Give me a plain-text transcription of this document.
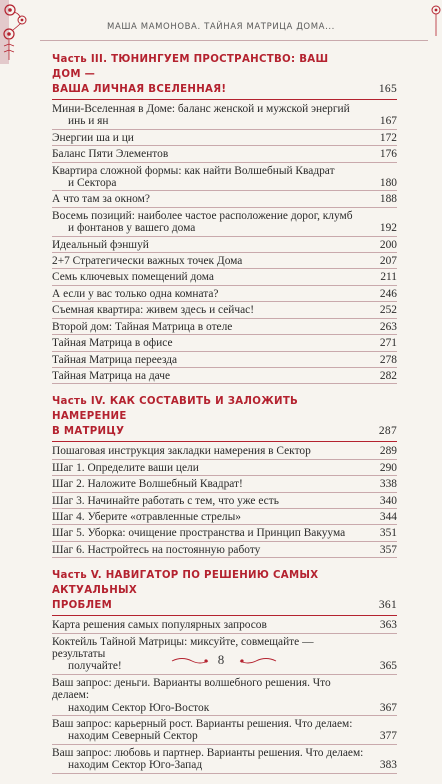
МАША МАМОНОВА. ТАЙНАЯ МАТРИЦА ДОМА...
Часть III. ТЮНИНГУЕМ ПРОСТРАНСТВО: ВАШ ДОМ —
ВАША ЛИЧНАЯ ВСЕЛЕННАЯ!	165
Мини-Вселенная в Доме: баланс женской и мужской энергий
инь и ян	167
Энергии ша и ци	172
Баланс Пяти Элементов	176
Квартира сложной формы: как найти Волшебный Квадрат
и Сектора	180
А что там за окном?	188
Восемь позиций: наиболее частое расположение дорог, клумб
и фонтанов у вашего дома	192
Идеальный фэншуй	200
2+7 Стратегически важных точек Дома	207
Семь ключевых помещений дома	211
А если у вас только одна комната?	246
Съемная квартира: живем здесь и сейчас!	252
Второй дом: Тайная Матрица в отеле	263
Тайная Матрица в офисе	271
Тайная Матрица переезда	278
Тайная Матрица на даче	282
Часть IV. КАК СОСТАВИТЬ И ЗАЛОЖИТЬ НАМЕРЕНИЕ
В МАТРИЦУ	287
Пошаговая инструкция закладки намерения в Сектор	289
Шаг 1. Определите ваши цели	290
Шаг 2. Наложите Волшебный Квадрат!	338
Шаг 3. Начинайте работать с тем, что уже есть	340
Шаг 4. Уберите «отравленные стрелы»	344
Шаг 5. Уборка: очищение пространства и Принцип Вакуума	351
Шаг 6. Настройтесь на постоянную работу	357
Часть V. НАВИГАТОР ПО РЕШЕНИЮ САМЫХ АКТУАЛЬНЫХ
ПРОБЛЕМ	361
Карта решения самых популярных запросов	363
Коктейль Тайной Матрицы: миксуйте, совмещайте — результаты
получайте!	365
Ваш запрос: деньги. Варианты волшебного решения. Что делаем:
находим Сектор Юго-Восток	367
Ваш запрос: карьерный рост. Варианты решения. Что делаем:
находим Северный Сектор	377
Ваш запрос: любовь и партнер. Варианты решения. Что делаем:
находим Сектор Юго-Запад	383
8
